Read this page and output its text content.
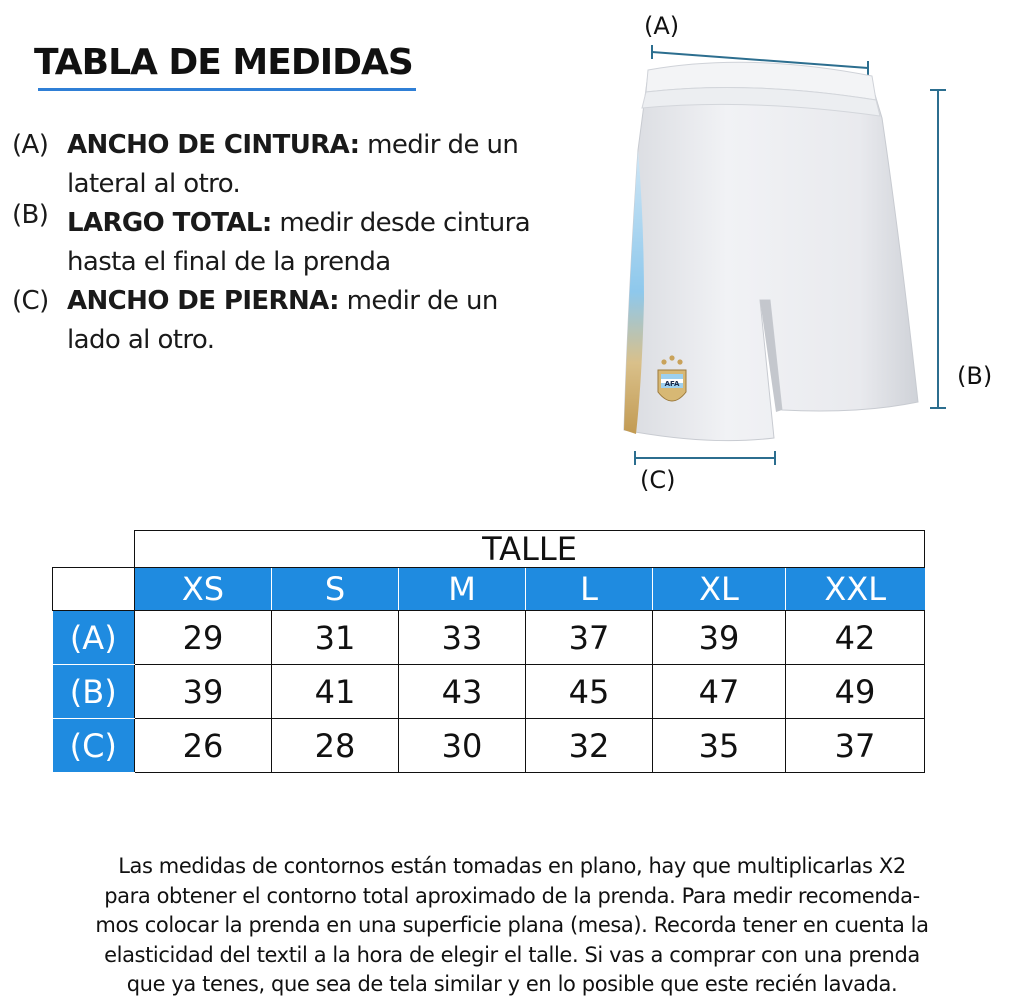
TABLA DE MEDIDAS
(A) ANCHO DE CINTURA: medir de un lateral al otro.
(B) LARGO TOTAL: medir desde cintura hasta el final de la prenda
(C) ANCHO DE PIERNA: medir de un lado al otro.
(A)
(B)
(C)
AFA
	TALLE					
	XS	S	M	L	XL	XXL
(A)	29	31	33	37	39	42
(B)	39	41	43	45	47	49
(C)	26	28	30	32	35	37

Las medidas de contornos están tomadas en plano, hay que multiplicarlas X2
para obtener el contorno total aproximado de la prenda. Para medir recomenda-
mos colocar la prenda en una superficie plana (mesa). Recorda tener en cuenta la
elasticidad del textil a la hora de elegir el talle. Si vas a comprar con una prenda
que ya tenes, que sea de tela similar y en lo posible que este recién lavada.
